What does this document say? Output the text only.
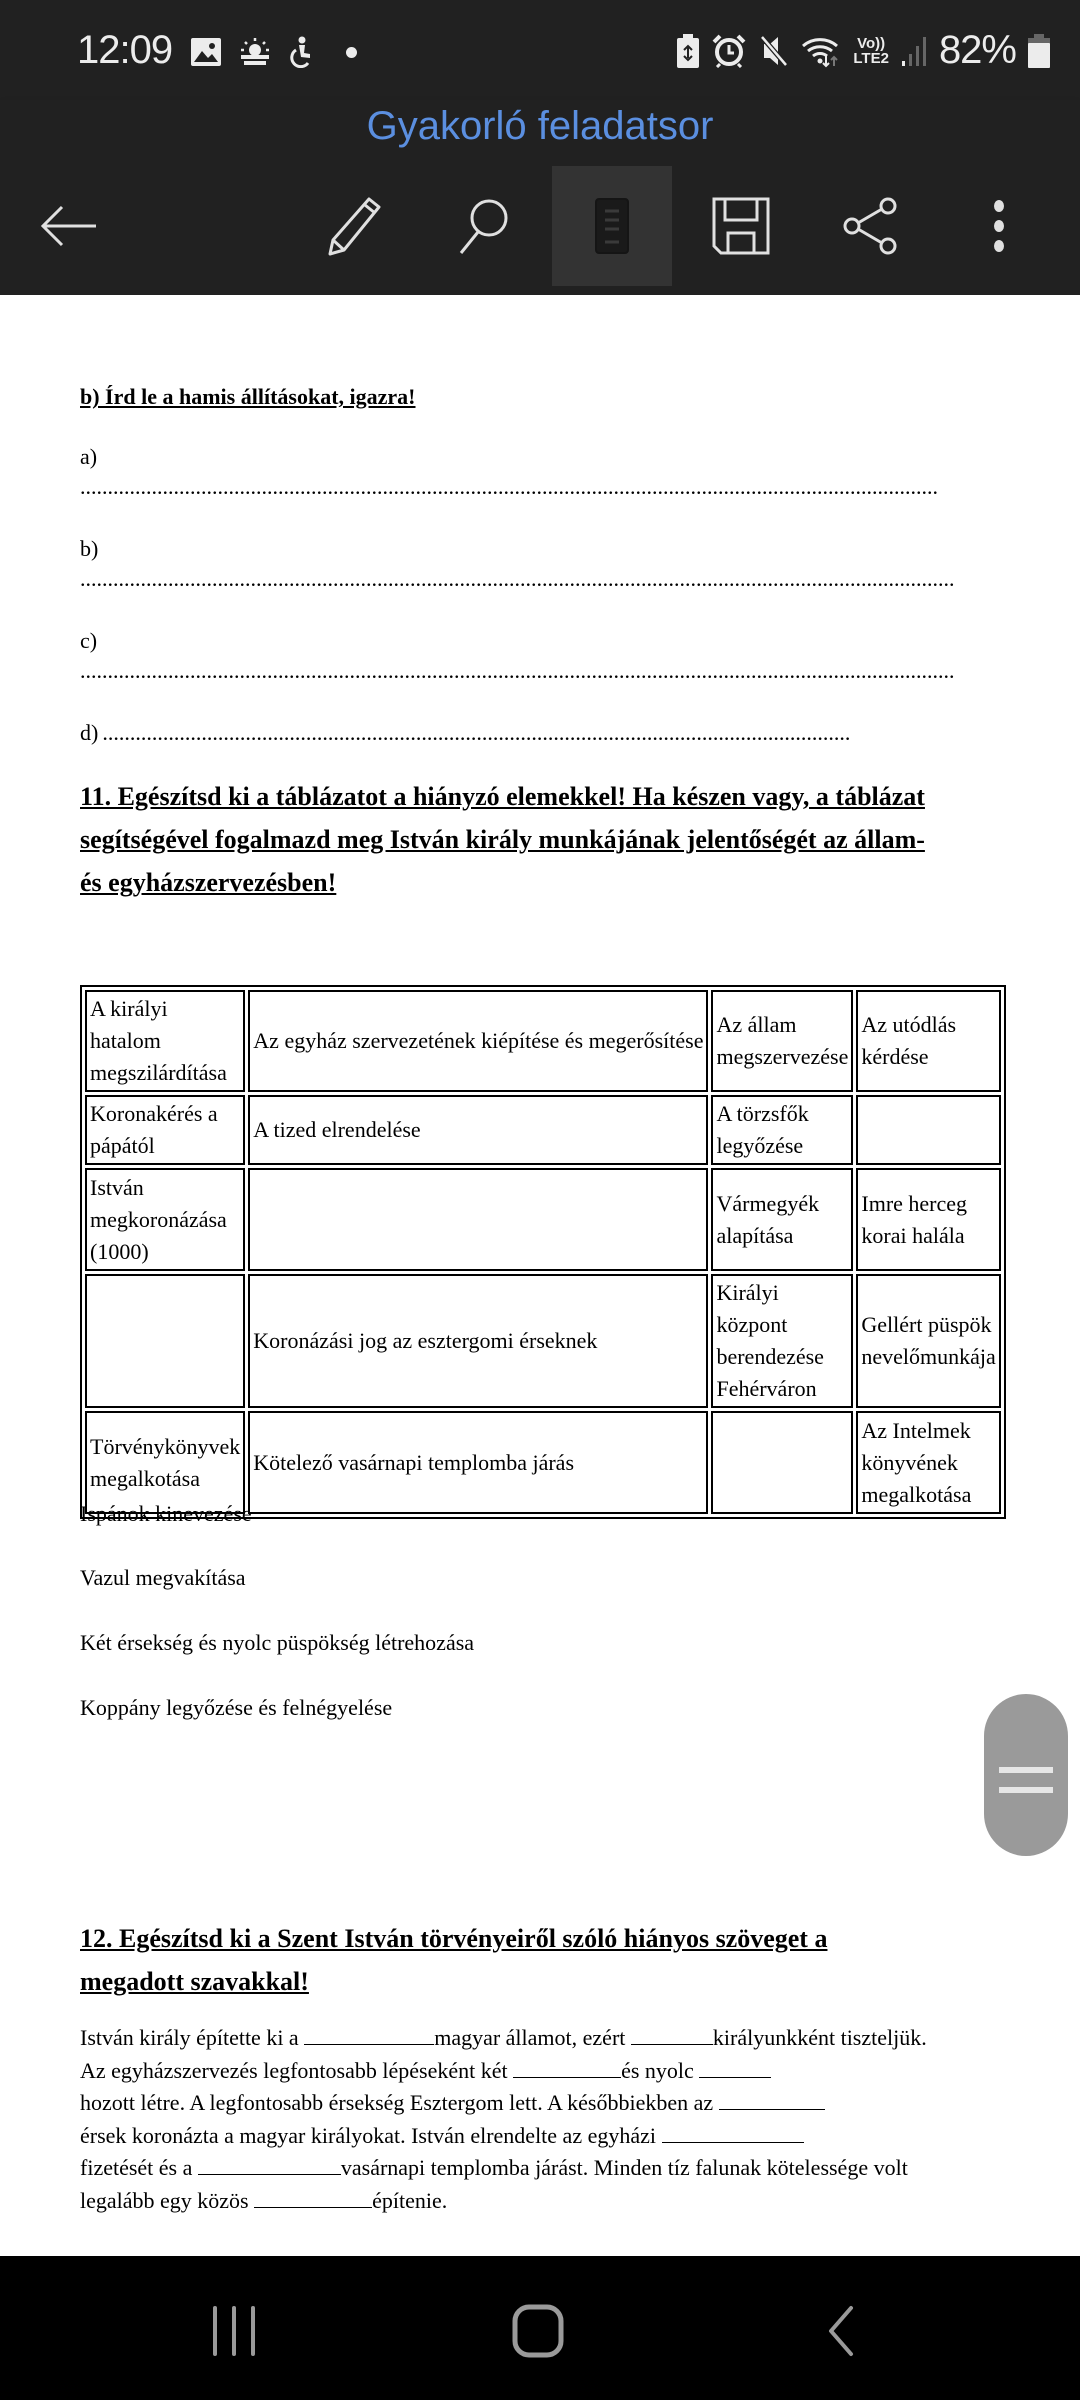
12:09	Vo))
LTE2 82%
Gyakorló feladatsor
b) Írd le a hamis állításokat, igazra!
a)
............................................................................................................................................................
b)
...............................................................................................................................................................
c)
...............................................................................................................................................................
d) ........................................................................................................................................
11. Egészítsd ki a táblázatot a hiányzó elemekkel! Ha készen vagy, a táblázat
segítségével fogalmazd meg István király munkájának jelentőségét az állam-
és egyházszervezésben!
A királyi hatalom megszilárdítása	Az egyház szervezetének kiépítése és megerősítése	Az állam megszervezése	Az utódlás kérdése
Koronakérés a pápától	A tized elrendelése	A törzsfők legyőzése	
István megkoronázása (1000)		Vármegyék alapítása	Imre herceg korai halála
	Koronázási jog az esztergomi érseknek	Királyi központ berendezése Fehérváron	Gellért püspök nevelőmunkája
Törvénykönyvek megalkotása	Kötelező vasárnapi templomba járás		Az Intelmek könyvének megalkotása
Ispánok kinevezése
Vazul megvakítása
Két érsekség és nyolc püspökség létrehozása
Koppány legyőzése és felnégyelése
12. Egészítsd ki a Szent István törvényeiről szóló hiányos szöveget a
megadott szavakkal!
István király építette ki a	magyar államot, ezért	királyunkként tiszteljük.
Az egyházszervezés legfontosabb lépéseként két	és nyolc
hozott létre. A legfontosabb érsekség Esztergom lett. A későbbiekben az
érsek koronázta a magyar királyokat. István elrendelte az egyházi
fizetését és a	vasárnapi templomba járást. Minden tíz falunak kötelessége volt
legalább egy közös	építenie.
